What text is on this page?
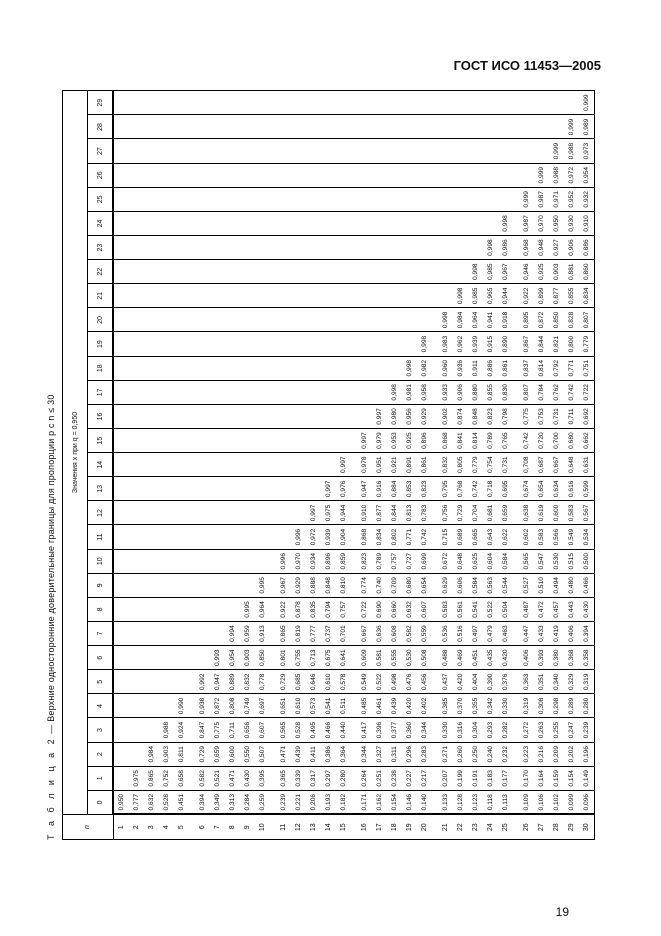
ГОСТ ИСО 11453—2005
Т а б л и ц а 2 — Верхние односторонние доверительные границы для пропорции p с n ≤ 30
n	Значения x при q = 0,950																													
	0	1	2	3	4	5	6	7	8	9	10	11	12	13	14	15	16	17	18	19	20	21	22	23	24	25	26	27	28	29
1	0,950																													
2	0,777	0,975																												
3	0,632	0,865	0,984																											
4	0,528	0,752	0,903	0,988																										
5	0,451	0,658	0,811	0,924	0,990																									
6	0,394	0,582	0,729	0,847	0,938	0,992																								
7	0,349	0,521	0,659	0,775	0,872	0,947	0,993																							
8	0,313	0,471	0,600	0,711	0,808	0,889	0,954	0,994																						
9	0,284	0,430	0,550	0,656	0,749	0,832	0,903	0,959	0,995																					
10	0,259	0,395	0,507	0,607	0,697	0,778	0,850	0,913	0,964	0,995																				
11	0,239	0,365	0,471	0,565	0,651	0,729	0,801	0,865	0,922	0,967	0,996																			
12	0,221	0,339	0,439	0,528	0,610	0,685	0,755	0,819	0,878	0,929	0,970	0,996																		
13	0,206	0,317	0,411	0,495	0,573	0,646	0,713	0,777	0,835	0,888	0,934	0,972	0,997																	
14	0,193	0,297	0,386	0,466	0,541	0,610	0,675	0,737	0,794	0,848	0,896	0,939	0,975	0,997																
15	0,182	0,280	0,364	0,440	0,511	0,578	0,641	0,701	0,757	0,810	0,859	0,904	0,944	0,976	0,997															
16	0,171	0,264	0,344	0,417	0,485	0,549	0,609	0,667	0,722	0,774	0,823	0,868	0,910	0,947	0,978	0,997														
17	0,162	0,251	0,327	0,396	0,461	0,522	0,581	0,636	0,690	0,740	0,789	0,834	0,877	0,916	0,951	0,979	0,997													
18	0,154	0,238	0,311	0,377	0,439	0,498	0,555	0,608	0,660	0,709	0,757	0,802	0,844	0,884	0,921	0,953	0,980	0,998												
19	0,146	0,227	0,296	0,360	0,420	0,476	0,530	0,582	0,632	0,680	0,727	0,771	0,813	0,853	0,891	0,925	0,956	0,981	0,998											
20	0,140	0,217	0,283	0,344	0,402	0,456	0,508	0,559	0,607	0,654	0,699	0,742	0,783	0,823	0,861	0,896	0,929	0,958	0,982	0,998										
21	0,133	0,207	0,271	0,330	0,385	0,437	0,488	0,536	0,583	0,629	0,672	0,715	0,756	0,795	0,832	0,868	0,902	0,933	0,960	0,983	0,998									
22	0,128	0,199	0,260	0,316	0,370	0,420	0,469	0,516	0,561	0,606	0,648	0,689	0,729	0,768	0,805	0,841	0,874	0,906	0,936	0,962	0,984	0,998								
23	0,123	0,191	0,250	0,304	0,355	0,404	0,451	0,497	0,541	0,584	0,625	0,665	0,704	0,742	0,779	0,814	0,848	0,880	0,911	0,939	0,964	0,985	0,998							
24	0,118	0,183	0,240	0,293	0,342	0,390	0,435	0,479	0,522	0,563	0,604	0,643	0,681	0,718	0,754	0,789	0,823	0,855	0,886	0,915	0,941	0,965	0,985	0,998						
25	0,113	0,177	0,232	0,282	0,330	0,376	0,420	0,463	0,504	0,544	0,584	0,622	0,659	0,695	0,731	0,765	0,798	0,830	0,861	0,890	0,918	0,944	0,967	0,986	0,998					
26	0,109	0,170	0,223	0,272	0,319	0,363	0,406	0,447	0,487	0,527	0,565	0,602	0,638	0,674	0,708	0,742	0,775	0,807	0,837	0,867	0,895	0,922	0,946	0,968	0,987	0,999				
27	0,106	0,164	0,216	0,263	0,308	0,351	0,393	0,433	0,472	0,510	0,547	0,583	0,619	0,654	0,687	0,720	0,753	0,784	0,814	0,844	0,872	0,899	0,925	0,948	0,970	0,987	0,999			
28	0,102	0,159	0,209	0,255	0,298	0,340	0,380	0,419	0,457	0,494	0,530	0,566	0,600	0,634	0,667	0,700	0,731	0,762	0,792	0,821	0,850	0,877	0,903	0,927	0,950	0,971	0,988	0,999		
29	0,099	0,154	0,202	0,247	0,289	0,329	0,368	0,406	0,443	0,480	0,515	0,549	0,583	0,616	0,648	0,680	0,711	0,742	0,771	0,800	0,828	0,855	0,881	0,906	0,930	0,952	0,972	0,988	0,999	
30	0,096	0,149	0,196	0,239	0,280	0,319	0,358	0,394	0,430	0,466	0,500	0,534	0,567	0,599	0,631	0,662	0,692	0,722	0,751	0,779	0,807	0,834	0,860	0,886	0,910	0,932	0,954	0,973	0,989	0,999
19
